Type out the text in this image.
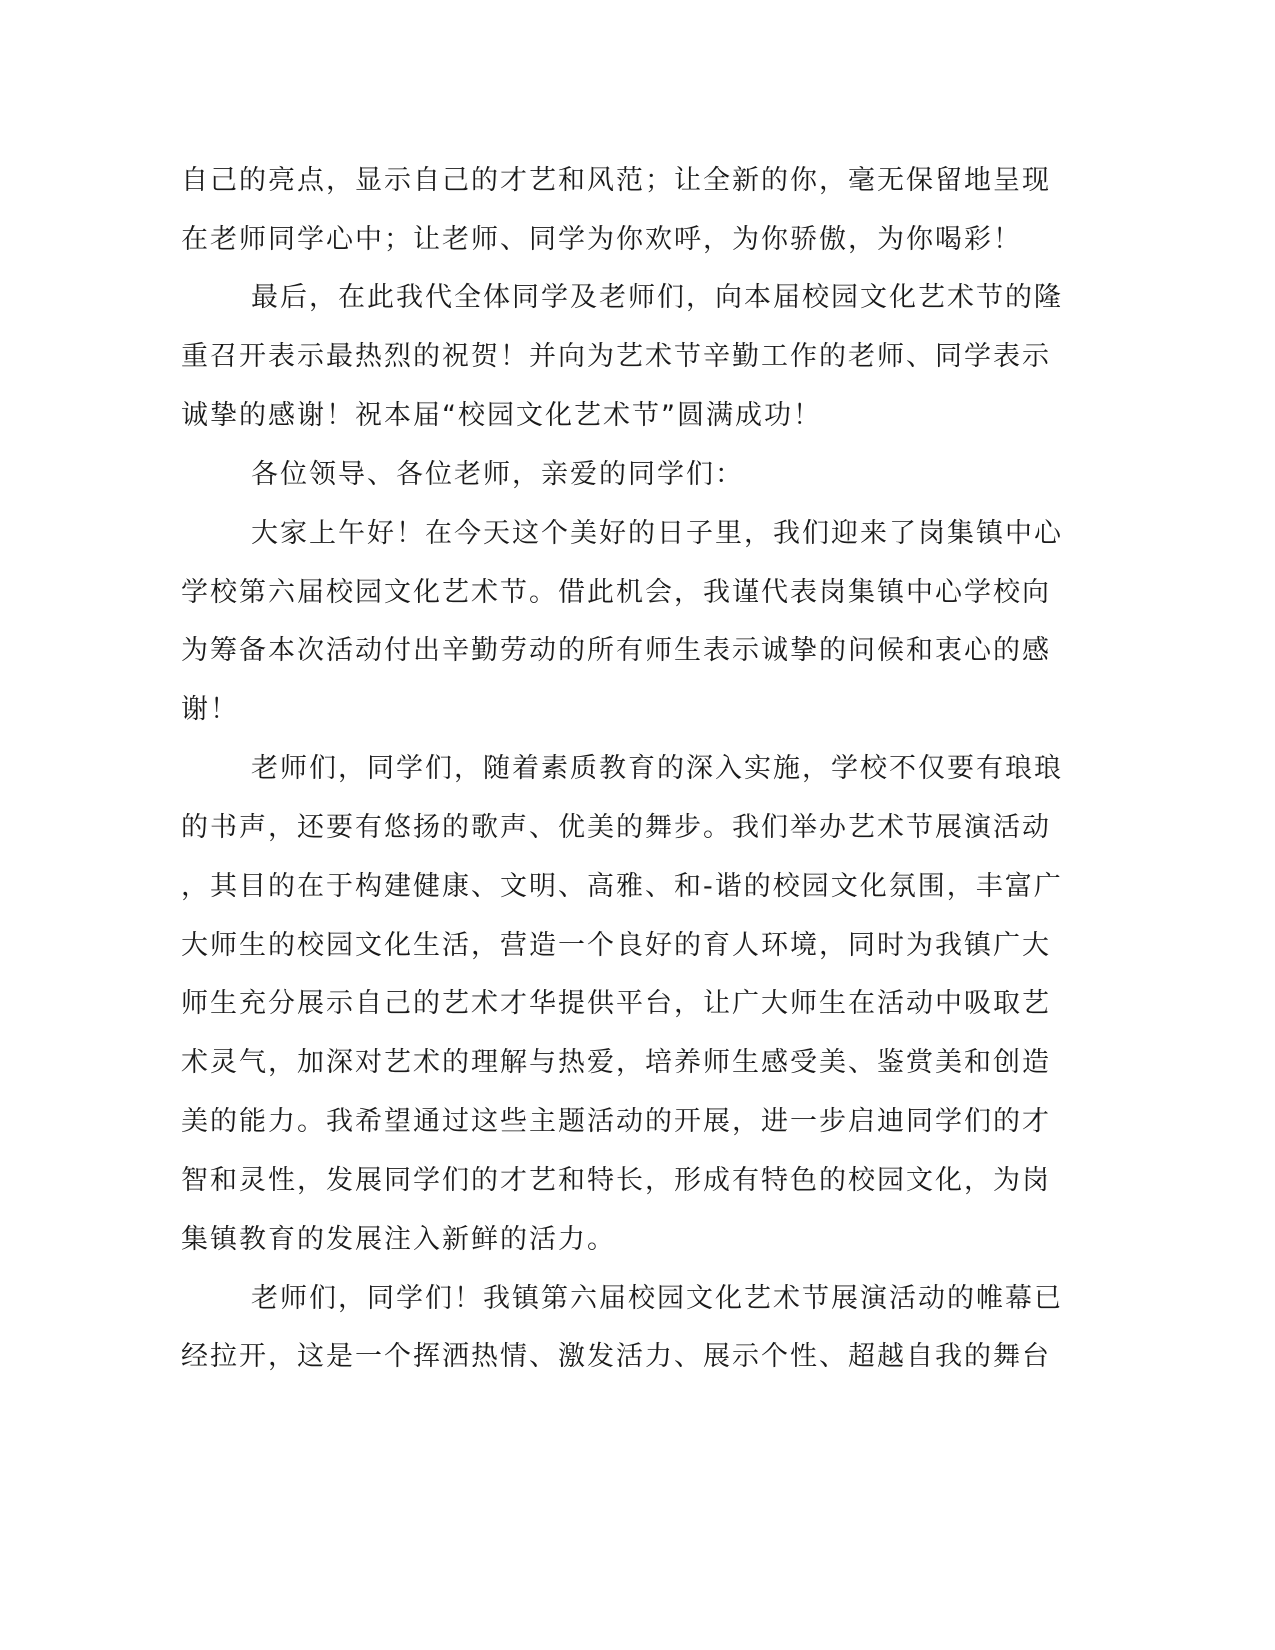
自己的亮点，显示自己的才艺和风范；让全新的你，毫无保留地呈现
在老师同学心中；让老师、同学为你欢呼，为你骄傲，为你喝彩！
最后，在此我代全体同学及老师们，向本届校园文化艺术节的隆
重召开表示最热烈的祝贺！并向为艺术节辛勤工作的老师、同学表示
诚挚的感谢！祝本届“校园文化艺术节”圆满成功！
各位领导、各位老师，亲爱的同学们：
大家上午好！在今天这个美好的日子里，我们迎来了岗集镇中心
学校第六届校园文化艺术节。借此机会，我谨代表岗集镇中心学校向
为筹备本次活动付出辛勤劳动的所有师生表示诚挚的问候和衷心的感
谢！
老师们，同学们，随着素质教育的深入实施，学校不仅要有琅琅
的书声，还要有悠扬的歌声、优美的舞步。我们举办艺术节展演活动
，其目的在于构建健康、文明、高雅、和-谐的校园文化氛围，丰富广
大师生的校园文化生活，营造一个良好的育人环境，同时为我镇广大
师生充分展示自己的艺术才华提供平台，让广大师生在活动中吸取艺
术灵气，加深对艺术的理解与热爱，培养师生感受美、鉴赏美和创造
美的能力。我希望通过这些主题活动的开展，进一步启迪同学们的才
智和灵性，发展同学们的才艺和特长，形成有特色的校园文化，为岗
集镇教育的发展注入新鲜的活力。
老师们，同学们！我镇第六届校园文化艺术节展演活动的帷幕已
经拉开，这是一个挥洒热情、激发活力、展示个性、超越自我的舞台
